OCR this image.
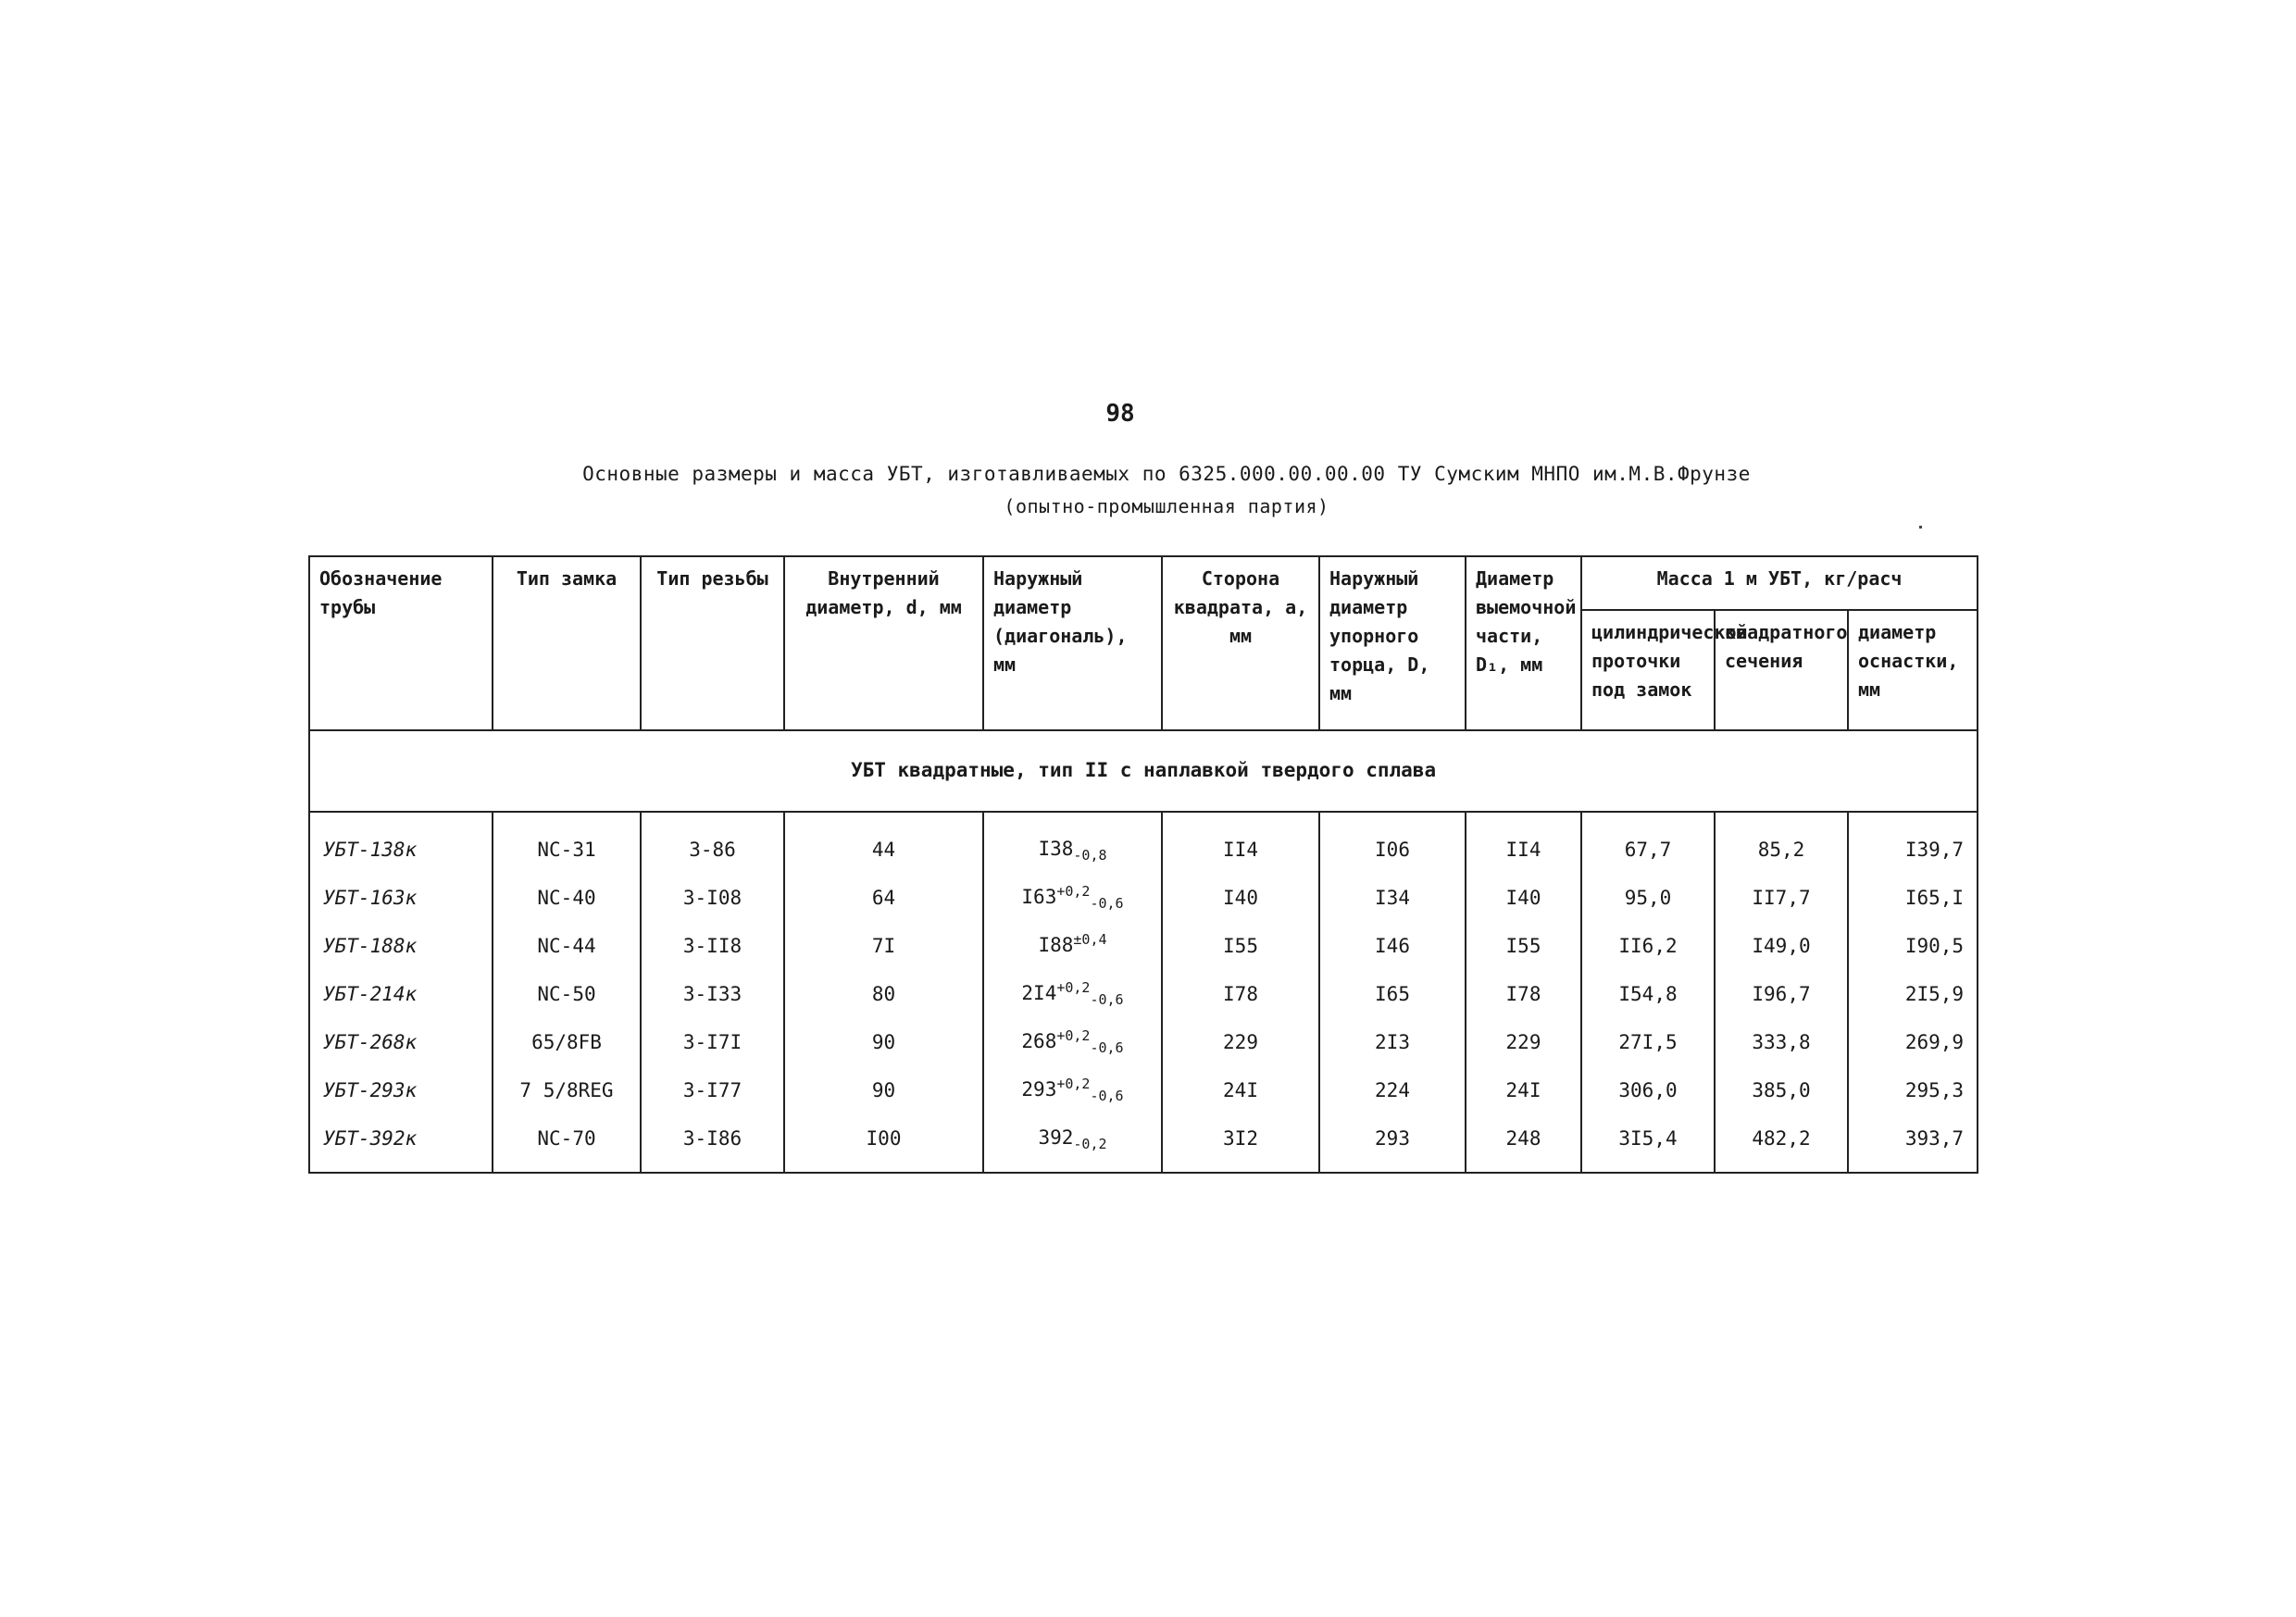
98
Основные размеры и масса УБТ, изготавливаемых по 6325.000.00.00.00 ТУ Сумским МНПО им.М.В.Фрунзе
(опытно-промышленная партия)
Обозначение трубы	Тип замка	Тип резьбы	Внутренний диаметр, d, мм	Наружный диаметр (диагональ), мм	Сторона квадрата, a, мм	Наружный диаметр упорного торца, D, мм	Диаметр выемочной части, D₁, мм	Масса 1 м УБТ, кг/расч		
								цилиндрической проточки под замок	квадратного сечения	диаметр оснастки, мм
УБТ квадратные, тип II с наплавкой твердого сплава										
УБТ-138к	NC-31	З-86	44	$I38_{-0,8}$	II4	I06	II4	67,7	85,2	I39,7
УБТ-163к	NC-40	З-I08	64	$I63^{+0,2}_{-0,6}$	I40	I34	I40	95,0	II7,7	I65,I
УБТ-188к	NC-44	З-II8	7I	$I88^{\pm 0,4}$	I55	I46	I55	II6,2	I49,0	I90,5
УБТ-214к	NC-50	З-I33	80	$2I4^{+0,2}_{-0,6}$	I78	I65	I78	I54,8	I96,7	2I5,9
УБТ-268к	65/8FB	З-I7I	90	$268^{+0,2}_{-0,6}$	229	2I3	229	27I,5	333,8	269,9
УБТ-293к	7 5/8REG	З-I77	90	$293^{+0,2}_{-0,6}$	24I	224	24I	306,0	385,0	295,3
УБТ-392к	NC-70	З-I86	I00	$392_{-0,2}$	3I2	293	248	3I5,4	482,2	393,7
